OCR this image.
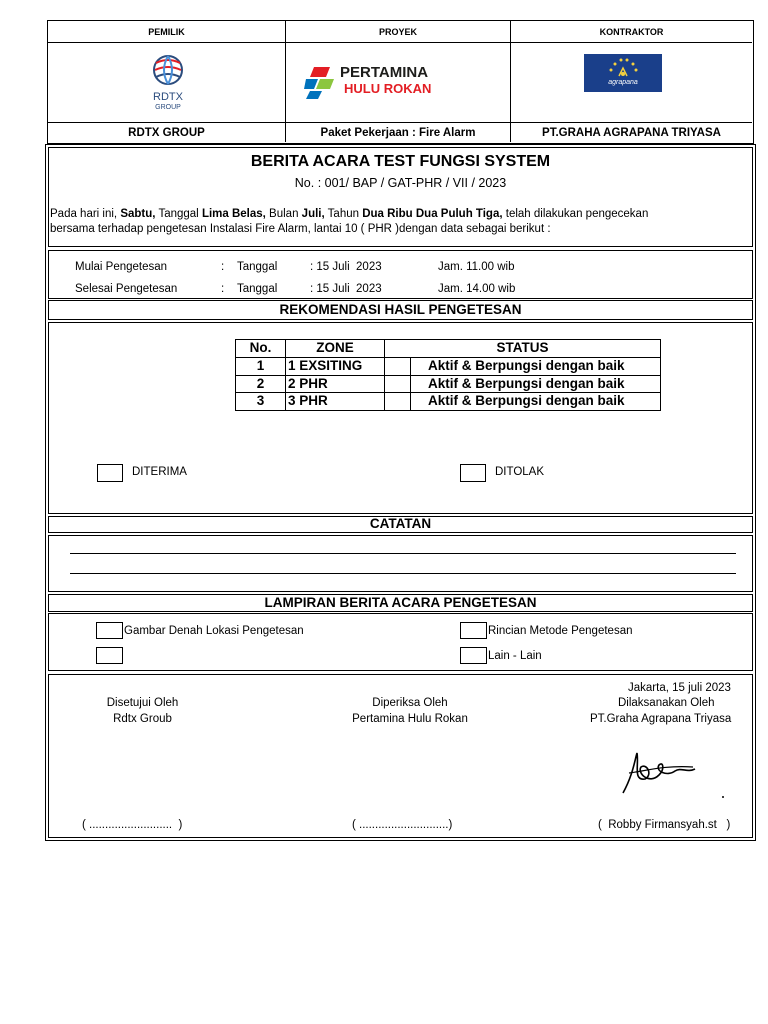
PEMILIK	PROYEK	KONTRAKTOR
RDTX
GROUP
PERTAMINA
HULU ROKAN	agrapana
RDTX GROUP	Paket Pekerjaan : Fire Alarm	PT.GRAHA AGRAPANA TRIYASA
BERITA ACARA TEST FUNGSI SYSTEM
No. : 001/ BAP / GAT-PHR / VII / 2023
Pada hari ini, Sabtu, Tanggal Lima Belas, Bulan Juli, Tahun Dua Ribu Dua Puluh Tiga, telah dilakukan pengecekan
bersama terhadap pengetesan Instalasi Fire Alarm, lantai 10 ( PHR )dengan data sebagai berikut :
Mulai Pengetesan	: Tanggal	: 15 Juli  2023	Jam. 11.00 wib
Selesai Pengetesan	: Tanggal	: 15 Juli  2023	Jam. 14.00 wib
REKOMENDASI HASIL PENGETESAN
No.	ZONE	STATUS
1	1 EXSITING	Aktif & Berpungsi dengan baik
2	2 PHR	Aktif & Berpungsi dengan baik
3	3 PHR	Aktif & Berpungsi dengan baik
DITERIMA	DITOLAK
CATATAN
LAMPIRAN BERITA ACARA PENGETESAN
Gambar Denah Lokasi Pengetesan	Rincian Metode Pengetesan
Lain - Lain
Jakarta, 15 juli 2023
Disetujui Oleh
Rdtx Groub
( ..........................  )
Diperiksa Oleh
Pertamina Hulu Rokan
( ............................)
Dilaksanakan Oleh
PT.Graha Agrapana Triyasa
(  Robby Firmansyah.st   )
